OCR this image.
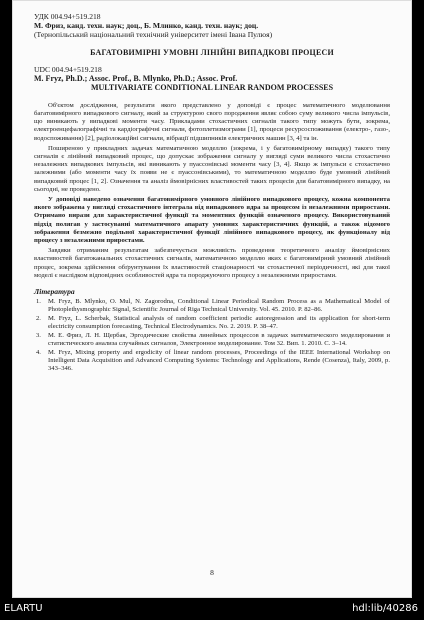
УДК 004.94+519.218
М. Фриз, канд. техн. наук; доц., Б. Млинко, канд. техн. наук; доц.
(Тернопільський національний технічний університет імені Івана Пулюя)
БАГАТОВИМІРНІ УМОВНІ ЛІНІЙНІ ВИПАДКОВІ ПРОЦЕСИ
UDC 004.94+519.218
M. Fryz, Ph.D.; Assoc. Prof., B. Mlynko, Ph.D.; Assoc. Prof.
MULTIVARIATE CONDITIONAL LINEAR RANDOM PROCESSES

Об'єктом дослідження, результати якого представлено у доповіді є процес математичного моделювання багатовимірного випадкового сигналу, який за структурою свого породження являє собою суму великого числа імпульсів, що виникають у випадкові моменти часу. Прикладами стохастичних сигналів такого типу можуть бути, зокрема, електроенцефалографічні та кардіографічні сигнали, фотоплетизмограми [1], процеси ресурсоспоживання (електро-, газо-, водоспоживання) [2], радіолокаційні сигнали, вібрації підшипників електричних машин [3, 4] та ін.

Поширеною у прикладних задачах математичною моделлю (зокрема, і у багатовимірному випадку) такого типу сигналів є лінійний випадковий процес, що допускає зображення сигналу у вигляді суми великого числа стохастично незалежних випадкових імпульсів, які виникають у пуассонівські моменти часу [3, 4]. Якщо ж імпульси є стохастично залежними (або моменти часу їх появи не є пуассонівськими), то математичною моделлю буде умовний лінійний випадковий процес [1, 2]. Означення та аналіз ймовірнісних властивостей таких процесів для багатовимірного випадку, на сьогодні, не проведено.

У доповіді наведено означення багатовимірного умовного лінійного випадкового процесу, кожна компонента якого зображена у вигляді стохастичного інтеграла від випадкового ядра за процесом із незалежними приростами. Отримано вирази для характеристичної функції та моментних функцій означеного процесу. Використовуваний підхід полягав у застосуванні математичного апарату умовних характеристичних функцій, а також відомого зображення безмежно подільної характеристичної функції лінійного випадкового процесу, як функціоналу від процесу з незалежними приростами.

Завдяки отриманим результатам забезпечується можливість проведення теоретичного аналізу ймовірнісних властивостей багатоканальних стохастичних сигналів, математичною моделлю яких є багатовимірний умовний лінійний процес, зокрема здійснення обґрунтування їх властивостей стаціонарності чи стохастичної періодичності, які для такої моделі є наслідком відповідних особливостей ядра та породжуючого процесу з незалежними приростами.

Література
1. M. Fryz, B. Mlynko, O. Mul, N. Zagorodna, Conditional Linear Periodical Random Process as a Mathematical Model of Photoplethysmographic Signal, Scientific Journal of Riga Technical University. Vol. 45. 2010. P. 82–86.
2. M. Fryz, L. Scherbak, Statistical analysis of random coefficient periodic autoregression and its application for short-term electricity consumption forecasting, Technical Electrodynamics. No. 2. 2019. P. 38–47.
3. М. Е. Фриз, Л. Н. Щербак, Эргодические свойства линейных процессов в задачах математического моделирования и статистического анализа случайных сигналов, Электронное моделирование. Том 32. Вип. 1. 2010. С. 3–14.
4. M. Fryz, Mixing property and ergodicity of linear random processes, Proceedings of the IEEE International Workshop on Intelligent Data Acquisition and Advanced Computing Systems: Technology and Applications, Rende (Cosenza), Italy, 2009, p. 343–346.
8
ELARTU	hdl:lib/40286
